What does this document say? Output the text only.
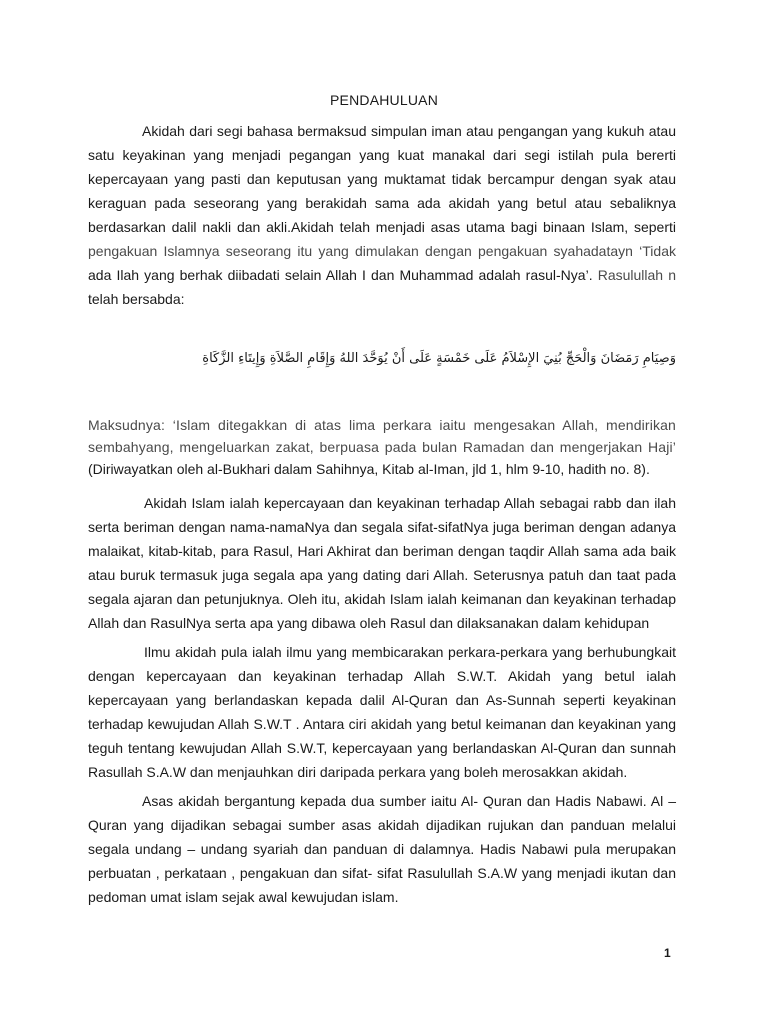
PENDAHULUAN

Akidah dari segi bahasa bermaksud simpulan iman atau pengangan yang kukuh atau satu keyakinan yang menjadi pegangan yang kuat manakal dari segi istilah pula bererti kepercayaan yang pasti dan keputusan yang muktamat tidak bercampur dengan syak atau keraguan pada seseorang yang berakidah sama ada akidah yang betul atau sebaliknya berdasarkan dalil nakli dan akli.Akidah telah menjadi asas utama bagi binaan Islam, seperti pengakuan Islamnya seseorang itu yang dimulakan dengan pengakuan syahadatayn ‘Tidak ada Ilah yang berhak diibadati selain Allah I dan Muhammad adalah rasul-Nya’. Rasulullah n telah bersabda:

وَصِيَامِ رَمَضَانَ وَالْحَجِّ بُنِيَ الإِسْلاَمُ عَلَى خَمْسَةٍ عَلَى أَنْ يُوَحَّدَ اللهُ وَإِقَامِ الصَّلاَةِ وَإِيتَاءِ الزَّكَاةِ

Maksudnya: ‘Islam ditegakkan di atas lima perkara iaitu mengesakan Allah, mendirikan sembahyang, mengeluarkan zakat, berpuasa pada bulan Ramadan dan mengerjakan Haji’ (Diriwayatkan oleh al-Bukhari dalam Sahihnya, Kitab al-Iman, jld 1, hlm 9-10, hadith no. 8).

Akidah Islam ialah kepercayaan dan keyakinan terhadap Allah sebagai rabb dan ilah serta beriman dengan nama-namaNya dan segala sifat-sifatNya juga beriman dengan adanya malaikat, kitab-kitab, para Rasul, Hari Akhirat dan beriman dengan taqdir Allah sama ada baik atau buruk termasuk juga segala apa yang dating dari Allah. Seterusnya patuh dan taat pada segala ajaran dan petunjuknya. Oleh itu, akidah Islam ialah keimanan dan keyakinan terhadap Allah dan RasulNya serta apa yang dibawa oleh Rasul dan dilaksanakan dalam kehidupan

Ilmu akidah pula ialah ilmu yang membicarakan perkara-perkara yang berhubungkait dengan kepercayaan dan keyakinan terhadap Allah S.W.T. Akidah yang betul ialah kepercayaan yang berlandaskan kepada dalil Al-Quran dan As-Sunnah seperti keyakinan terhadap kewujudan Allah S.W.T . Antara ciri akidah yang betul keimanan dan keyakinan yang teguh tentang kewujudan Allah S.W.T, kepercayaan yang berlandaskan Al-Quran dan sunnah Rasullah S.A.W dan menjauhkan diri daripada perkara yang boleh merosakkan akidah.

Asas akidah bergantung kepada dua sumber iaitu Al- Quran dan Hadis Nabawi. Al – Quran yang dijadikan sebagai sumber asas akidah dijadikan rujukan dan panduan melalui segala undang – undang syariah dan panduan di dalamnya. Hadis Nabawi pula merupakan perbuatan , perkataan , pengakuan dan sifat- sifat Rasulullah S.A.W yang menjadi ikutan dan pedoman umat islam sejak awal kewujudan islam.

1
